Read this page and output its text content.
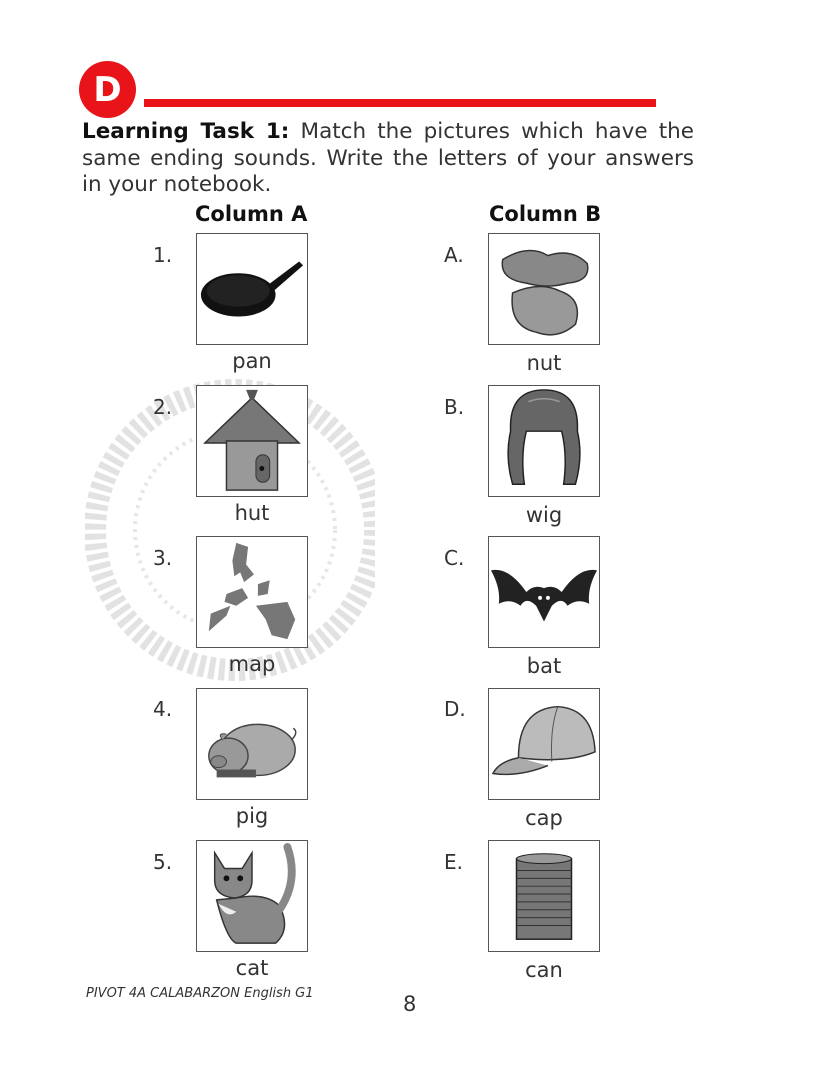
D
Learning Task 1: Match the pictures which have the same ending sounds. Write the letters of your answers in your notebook.
Column A	Column B
1.
pan
2.
hut
3.
map
4.
pig
5.
cat
A.
nut
B.
wig
C.
bat
D.
cap
E.
can
PIVOT 4A CALABARZON English G1	8
